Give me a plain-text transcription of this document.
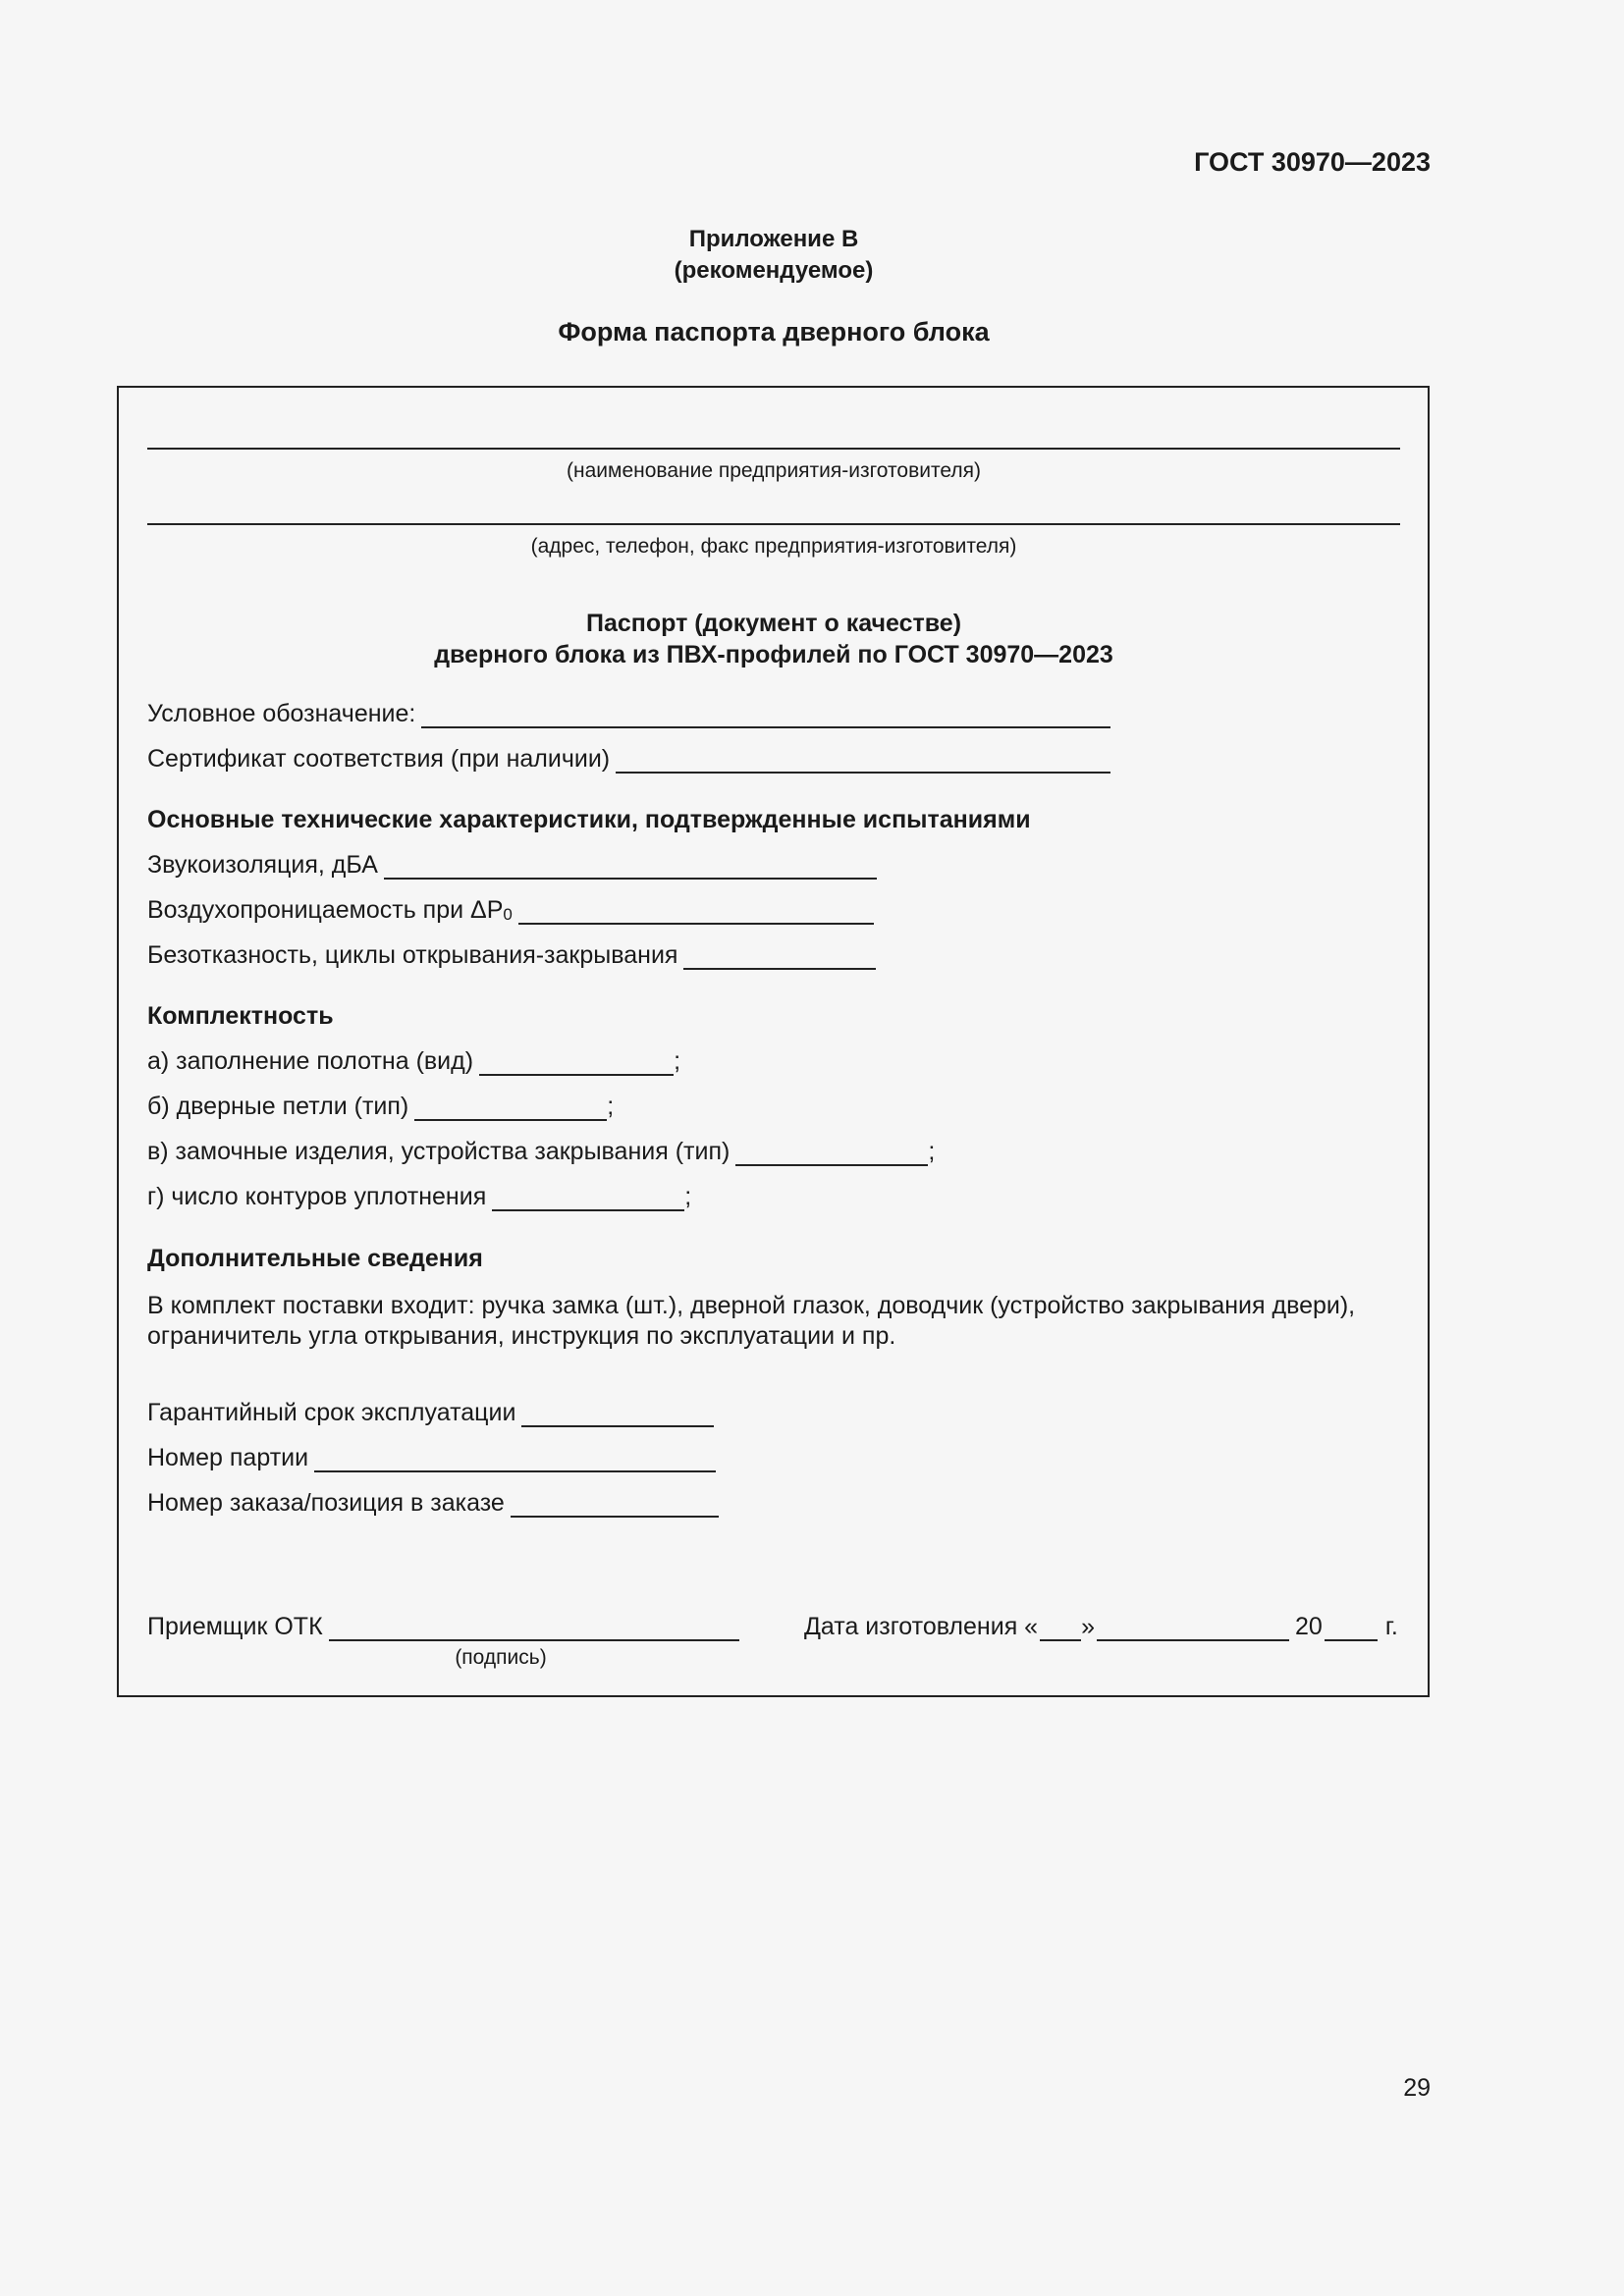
ГОСТ 30970—2023
Приложение В
(рекомендуемое)
Форма паспорта дверного блока
(наименование предприятия-изготовителя)
(адрес, телефон, факс предприятия-изготовителя)
Паспорт (документ о качестве)
дверного блока из ПВХ-профилей по ГОСТ 30970—2023
Условное обозначение:
Сертификат соответствия (при наличии)
Основные технические характеристики, подтвержденные испытаниями
Звукоизоляция, дБА
Воздухопроницаемость при ΔP 0
Безотказность, циклы открывания-закрывания
Комплектность
а) заполнение полотна (вид)	;
б) дверные петли (тип)	;
в) замочные изделия, устройства закрывания (тип)	;
г) число контуров уплотнения	;
Дополнительные сведения
В комплект поставки входит: ручка замка (шт.), дверной глазок, доводчик (устройство закрывания двери), ограничитель угла открывания, инструкция по эксплуатации и пр.
Гарантийный срок эксплуатации
Номер партии
Номер заказа/позиция в заказе
Приемщик ОТК
(подпись)
Дата изготовления « »	20	г.
29
